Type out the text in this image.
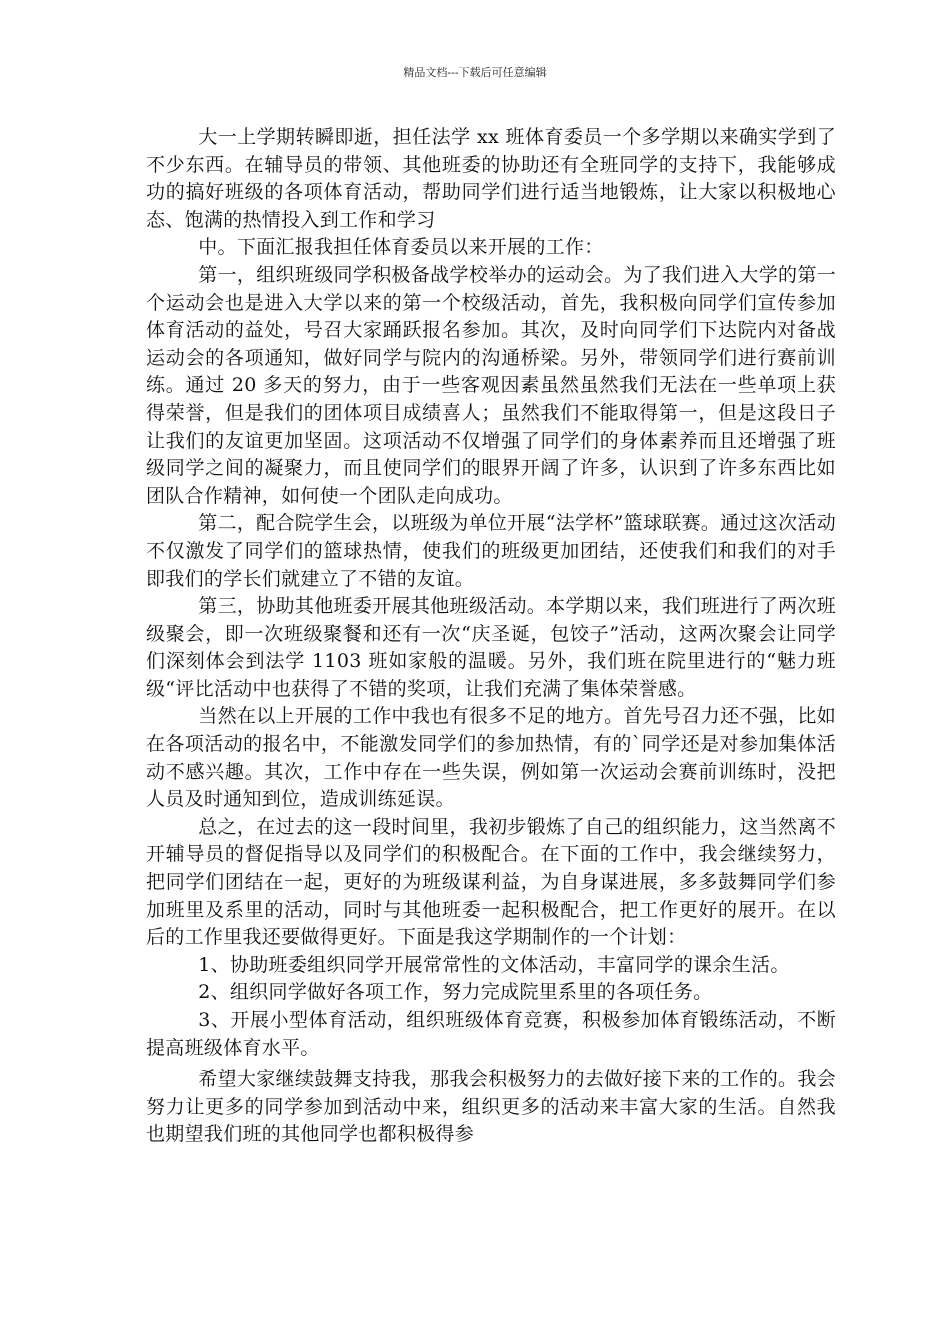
精品文档---下载后可任意编辑

大一上学期转瞬即逝，担任法学 xx 班体育委员一个多学期以来确实学到了不少东西。在辅导员的带领、其他班委的协助还有全班同学的支持下，我能够成功的搞好班级的各项体育活动，帮助同学们进行适当地锻炼，让大家以积极地心态、饱满的热情投入到工作和学习

中。下面汇报我担任体育委员以来开展的工作：

第一，组织班级同学积极备战学校举办的运动会。为了我们进入大学的第一个运动会也是进入大学以来的第一个校级活动，首先，我积极向同学们宣传参加体育活动的益处，号召大家踊跃报名参加。其次，及时向同学们下达院内对备战运动会的各项通知，做好同学与院内的沟通桥梁。另外，带领同学们进行赛前训练。通过 20 多天的努力，由于一些客观因素虽然虽然我们无法在一些单项上获得荣誉，但是我们的团体项目成绩喜人；虽然我们不能取得第一，但是这段日子让我们的友谊更加坚固。这项活动不仅增强了同学们的身体素养而且还增强了班级同学之间的凝聚力，而且使同学们的眼界开阔了许多，认识到了许多东西比如团队合作精神，如何使一个团队走向成功。

第二，配合院学生会，以班级为单位开展“法学杯”篮球联赛。通过这次活动不仅激发了同学们的篮球热情，使我们的班级更加团结，还使我们和我们的对手即我们的学长们就建立了不错的友谊。

第三，协助其他班委开展其他班级活动。本学期以来，我们班进行了两次班级聚会，即一次班级聚餐和还有一次“庆圣诞，包饺子”活动，这两次聚会让同学们深刻体会到法学 1103 班如家般的温暖。另外，我们班在院里进行的“魅力班级“评比活动中也获得了不错的奖项，让我们充满了集体荣誉感。

当然在以上开展的工作中我也有很多不足的地方。首先号召力还不强，比如在各项活动的报名中，不能激发同学们的参加热情，有的`同学还是对参加集体活动不感兴趣。其次，工作中存在一些失误，例如第一次运动会赛前训练时，没把人员及时通知到位，造成训练延误。

总之，在过去的这一段时间里，我初步锻炼了自己的组织能力，这当然离不开辅导员的督促指导以及同学们的积极配合。在下面的工作中，我会继续努力，把同学们团结在一起，更好的为班级谋利益，为自身谋进展，多多鼓舞同学们参加班里及系里的活动，同时与其他班委一起积极配合，把工作更好的展开。在以后的工作里我还要做得更好。下面是我这学期制作的一个计划：

1、协助班委组织同学开展常常性的文体活动，丰富同学的课余生活。

2、组织同学做好各项工作，努力完成院里系里的各项任务。

3、开展小型体育活动，组织班级体育竞赛，积极参加体育锻练活动，不断提高班级体育水平。

希望大家继续鼓舞支持我，那我会积极努力的去做好接下来的工作的。我会努力让更多的同学参加到活动中来，组织更多的活动来丰富大家的生活。自然我也期望我们班的其他同学也都积极得参
